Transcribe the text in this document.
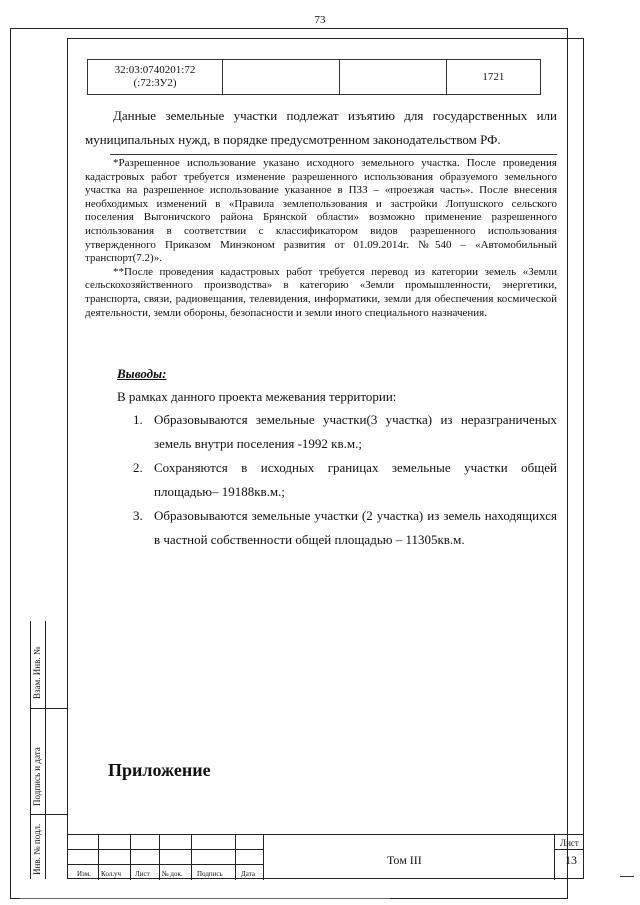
73
32:03:0740201:72
(:72:ЗУ2)			1721
Данные земельные участки подлежат изъятию для государственных или муниципальных нужд, в порядке предусмотренном законодательством РФ.

*Разрешенное использование указано исходного земельного участка. После проведения кадастровых работ требуется изменение разрешенного использования образуемого земельного участка на разрешенное использование указанное в ПЗЗ – «проезжая часть». После внесения необходимых изменений в «Правила землепользования и застройки Лопушского сельского поселения Выгоничского района Брянской области» возможно применение разрешенного использования в соответствии с классификатором видов разрешенного использования утвержденного Приказом Минэконом развития от 01.09.2014г. №540 – «Автомобильный транспорт(7.2)».

**После проведения кадастровых работ требуется перевод из категории земель «Земли сельскохозяйственного производства» в категорию «Земли промышленности, энергетики, транспорта, связи, радиовещания, телевидения, информатики, земли для обеспечения космической деятельности, земли обороны, безопасности и земли иного специального назначения.

Выводы:
В рамках данного проекта межевания территории:
1. Образовываются земельные участки(3 участка) из неразграниченых земель внутри поселения -1992 кв.м.;
2. Сохраняются в исходных границах земельные участки общей площадью– 19188кв.м.;
3. Образовываются земельные участки (2 участка) из земель находящихся в частной собственности общей площадью – 11305кв.м.
Приложение
Взам. Инв. №
Подпись и дата
Инв. № подл.	Изм. Кол.уч Лист № док. Подпись	Дата
Том III
Лист
13
